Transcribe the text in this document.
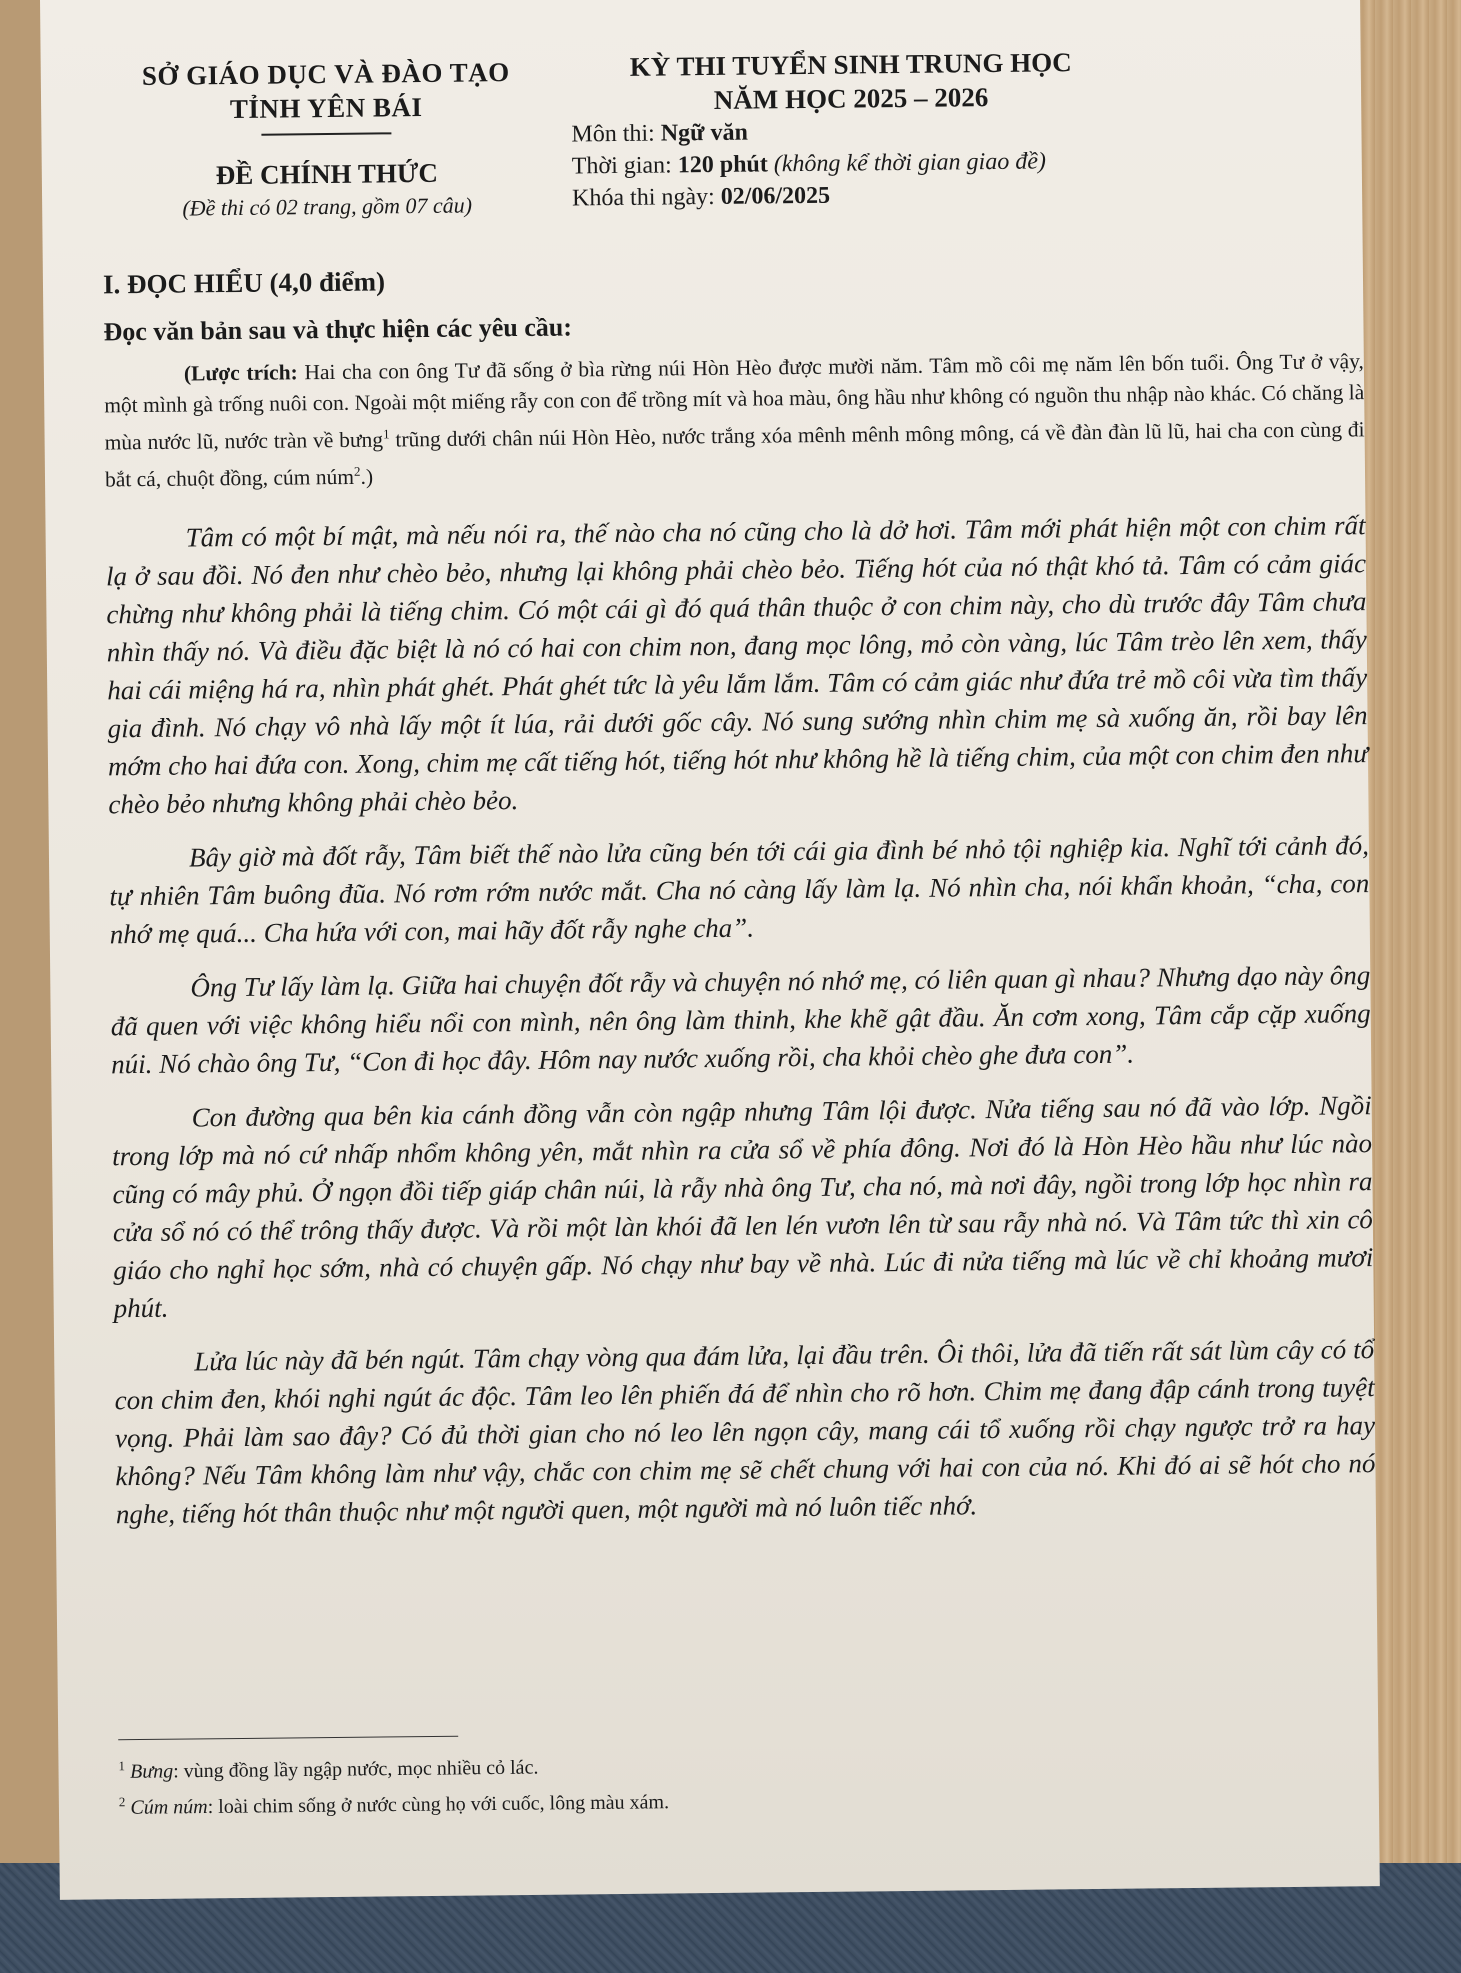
SỞ GIÁO DỤC VÀ ĐÀO TẠO
TỈNH YÊN BÁI
ĐỀ CHÍNH THỨC
(Đề thi có 02 trang, gồm 07 câu)
KỲ THI TUYỂN SINH TRUNG HỌC
NĂM HỌC 2025 – 2026
Môn thi: Ngữ văn
Thời gian: 120 phút (không kể thời gian giao đề)
Khóa thi ngày: 02/06/2025
I. ĐỌC HIỂU (4,0 điểm)
Đọc văn bản sau và thực hiện các yêu cầu:
(Lược trích: Hai cha con ông Tư đã sống ở bìa rừng núi Hòn Hèo được mười năm. Tâm mồ côi mẹ năm lên bốn tuổi. Ông Tư ở vậy, một mình gà trống nuôi con. Ngoài một miếng rẫy con con để trồng mít và hoa màu, ông hầu như không có nguồn thu nhập nào khác. Có chăng là mùa nước lũ, nước tràn về bưng$^1$ trũng dưới chân núi Hòn Hèo, nước trắng xóa mênh mênh mông mông, cá về đàn đàn lũ lũ, hai cha con cùng đi bắt cá, chuột đồng, cúm núm$^2$.)

Tâm có một bí mật, mà nếu nói ra, thế nào cha nó cũng cho là dở hơi. Tâm mới phát hiện một con chim rất lạ ở sau đồi. Nó đen như chèo bẻo, nhưng lại không phải chèo bẻo. Tiếng hót của nó thật khó tả. Tâm có cảm giác chừng như không phải là tiếng chim. Có một cái gì đó quá thân thuộc ở con chim này, cho dù trước đây Tâm chưa nhìn thấy nó. Và điều đặc biệt là nó có hai con chim non, đang mọc lông, mỏ còn vàng, lúc Tâm trèo lên xem, thấy hai cái miệng há ra, nhìn phát ghét. Phát ghét tức là yêu lắm lắm. Tâm có cảm giác như đứa trẻ mồ côi vừa tìm thấy gia đình. Nó chạy vô nhà lấy một ít lúa, rải dưới gốc cây. Nó sung sướng nhìn chim mẹ sà xuống ăn, rồi bay lên mớm cho hai đứa con. Xong, chim mẹ cất tiếng hót, tiếng hót như không hề là tiếng chim, của một con chim đen như chèo bẻo nhưng không phải chèo bẻo.

Bây giờ mà đốt rẫy, Tâm biết thế nào lửa cũng bén tới cái gia đình bé nhỏ tội nghiệp kia. Nghĩ tới cảnh đó, tự nhiên Tâm buông đũa. Nó rơm rớm nước mắt. Cha nó càng lấy làm lạ. Nó nhìn cha, nói khẩn khoản, “cha, con nhớ mẹ quá... Cha hứa với con, mai hãy đốt rẫy nghe cha”.

Ông Tư lấy làm lạ. Giữa hai chuyện đốt rẫy và chuyện nó nhớ mẹ, có liên quan gì nhau? Nhưng dạo này ông đã quen với việc không hiểu nổi con mình, nên ông làm thinh, khe khẽ gật đầu. Ăn cơm xong, Tâm cắp cặp xuống núi. Nó chào ông Tư, “Con đi học đây. Hôm nay nước xuống rồi, cha khỏi chèo ghe đưa con”.

Con đường qua bên kia cánh đồng vẫn còn ngập nhưng Tâm lội được. Nửa tiếng sau nó đã vào lớp. Ngồi trong lớp mà nó cứ nhấp nhổm không yên, mắt nhìn ra cửa sổ về phía đông. Nơi đó là Hòn Hèo hầu như lúc nào cũng có mây phủ. Ở ngọn đồi tiếp giáp chân núi, là rẫy nhà ông Tư, cha nó, mà nơi đây, ngồi trong lớp học nhìn ra cửa sổ nó có thể trông thấy được. Và rồi một làn khói đã len lén vươn lên từ sau rẫy nhà nó. Và Tâm tức thì xin cô giáo cho nghỉ học sớm, nhà có chuyện gấp. Nó chạy như bay về nhà. Lúc đi nửa tiếng mà lúc về chỉ khoảng mươi phút.

Lửa lúc này đã bén ngút. Tâm chạy vòng qua đám lửa, lại đầu trên. Ôi thôi, lửa đã tiến rất sát lùm cây có tổ con chim đen, khói nghi ngút ác độc. Tâm leo lên phiến đá để nhìn cho rõ hơn. Chim mẹ đang đập cánh trong tuyệt vọng. Phải làm sao đây? Có đủ thời gian cho nó leo lên ngọn cây, mang cái tổ xuống rồi chạy ngược trở ra hay không? Nếu Tâm không làm như vậy, chắc con chim mẹ sẽ chết chung với hai con của nó. Khi đó ai sẽ hót cho nó nghe, tiếng hót thân thuộc như một người quen, một người mà nó luôn tiếc nhớ.

$^1$ Bưng: vùng đồng lầy ngập nước, mọc nhiều cỏ lác.
$^2$ Cúm núm: loài chim sống ở nước cùng họ với cuốc, lông màu xám.
